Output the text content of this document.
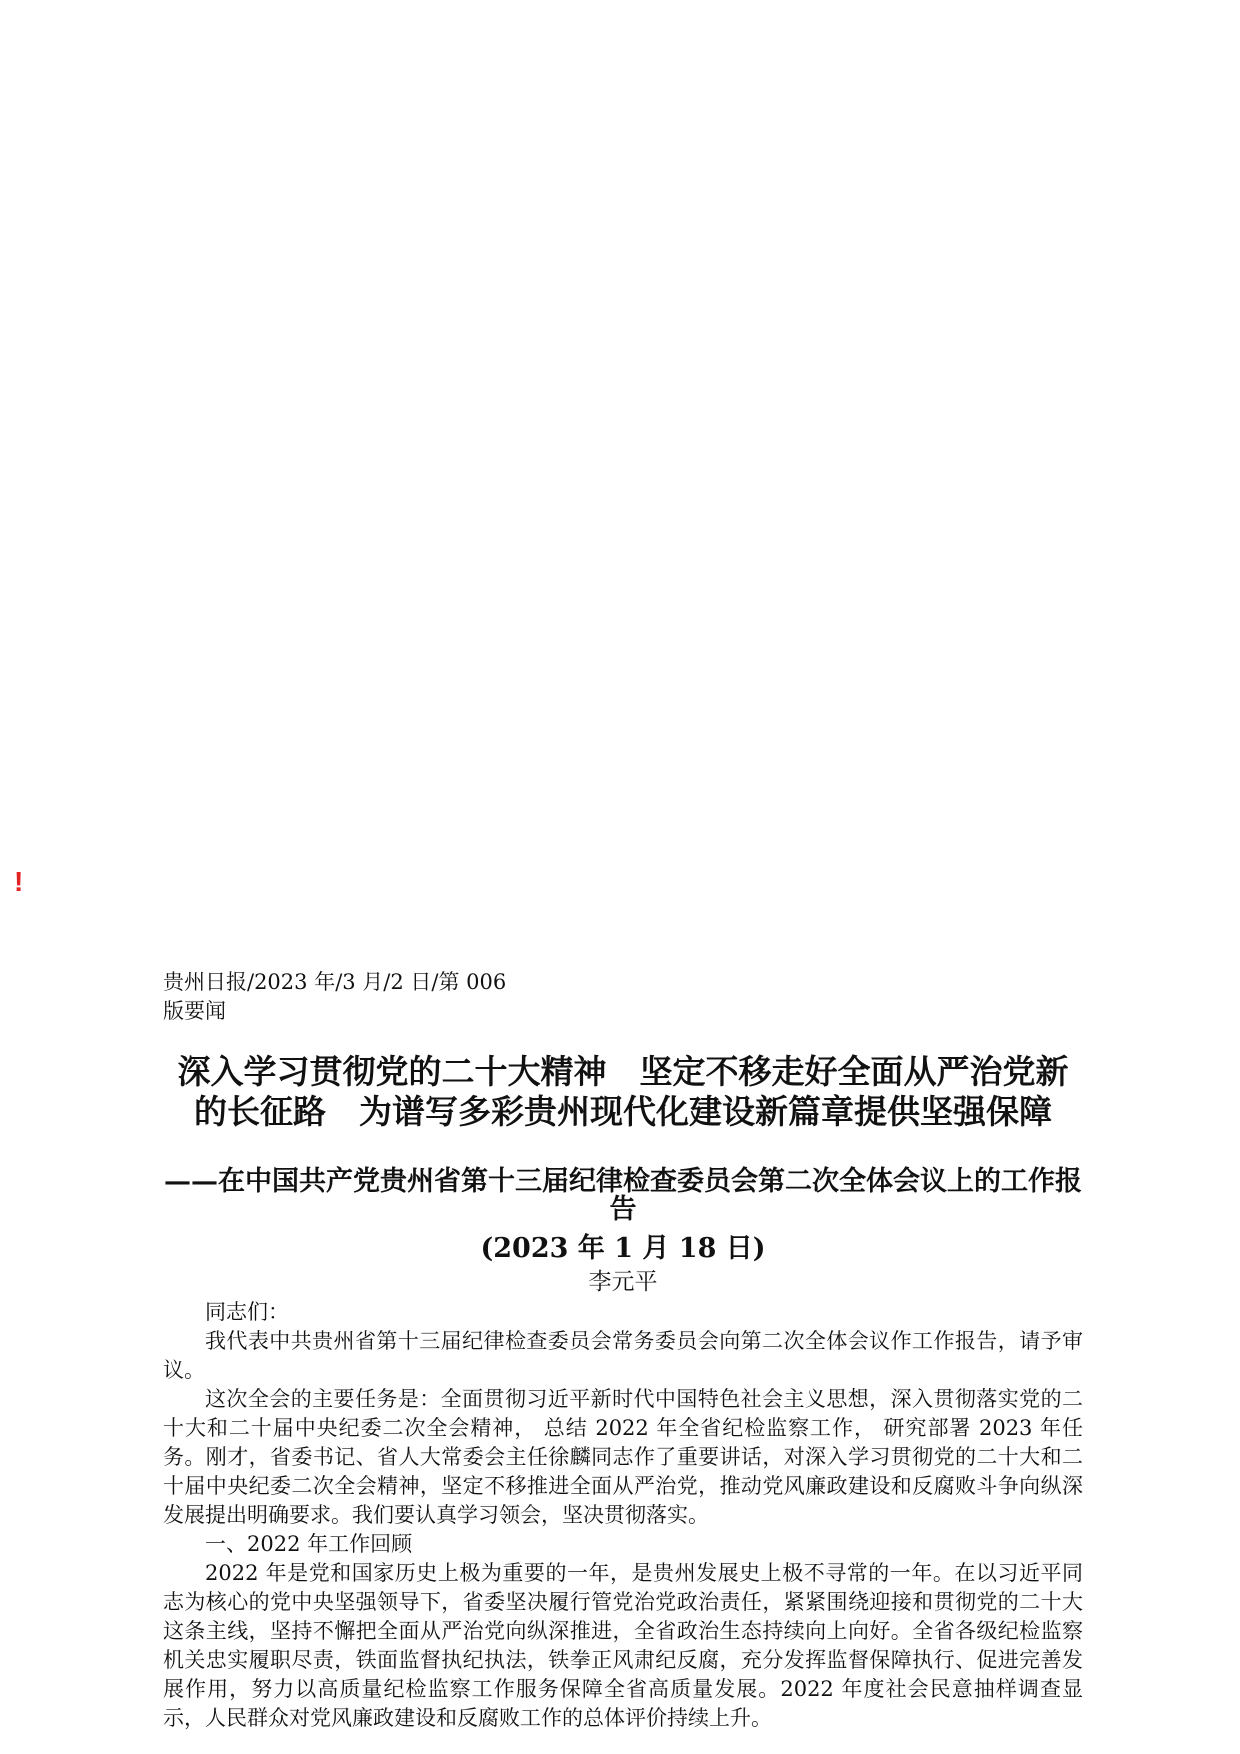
!
贵州日报/2023 年/3 月/2 日/第 006 版要闻
深入学习贯彻党的二十大精神　坚定不移走好全面从严治党新的长征路　为谱写多彩贵州现代化建设新篇章提供坚强保障
——在中国共产党贵州省第十三届纪律检查委员会第二次全体会议上的工作报告
(2023 年 1 月 18 日)
李元平

同志们：

我代表中共贵州省第十三届纪律检查委员会常务委员会向第二次全体会议作工作报告，请予审议。

这次全会的主要任务是：全面贯彻习近平新时代中国特色社会主义思想，深入贯彻落实党的二十大和二十届中央纪委二次全会精神， 总结 2022 年全省纪检监察工作， 研究部署 2023 年任务。刚才，省委书记、省人大常委会主任徐麟同志作了重要讲话，对深入学习贯彻党的二十大和二十届中央纪委二次全会精神，坚定不移推进全面从严治党，推动党风廉政建设和反腐败斗争向纵深发展提出明确要求。我们要认真学习领会，坚决贯彻落实。

一、2022 年工作回顾

2022 年是党和国家历史上极为重要的一年，是贵州发展史上极不寻常的一年。在以习近平同志为核心的党中央坚强领导下，省委坚决履行管党治党政治责任，紧紧围绕迎接和贯彻党的二十大这条主线，坚持不懈把全面从严治党向纵深推进，全省政治生态持续向上向好。全省各级纪检监察机关忠实履职尽责，铁面监督执纪执法，铁拳正风肃纪反腐，充分发挥监督保障执行、促进完善发展作用，努力以高质量纪检监察工作服务保障全省高质量发展。2022 年度社会民意抽样调查显示，人民群众对党风廉政建设和反腐败工作的总体评价持续上升。
